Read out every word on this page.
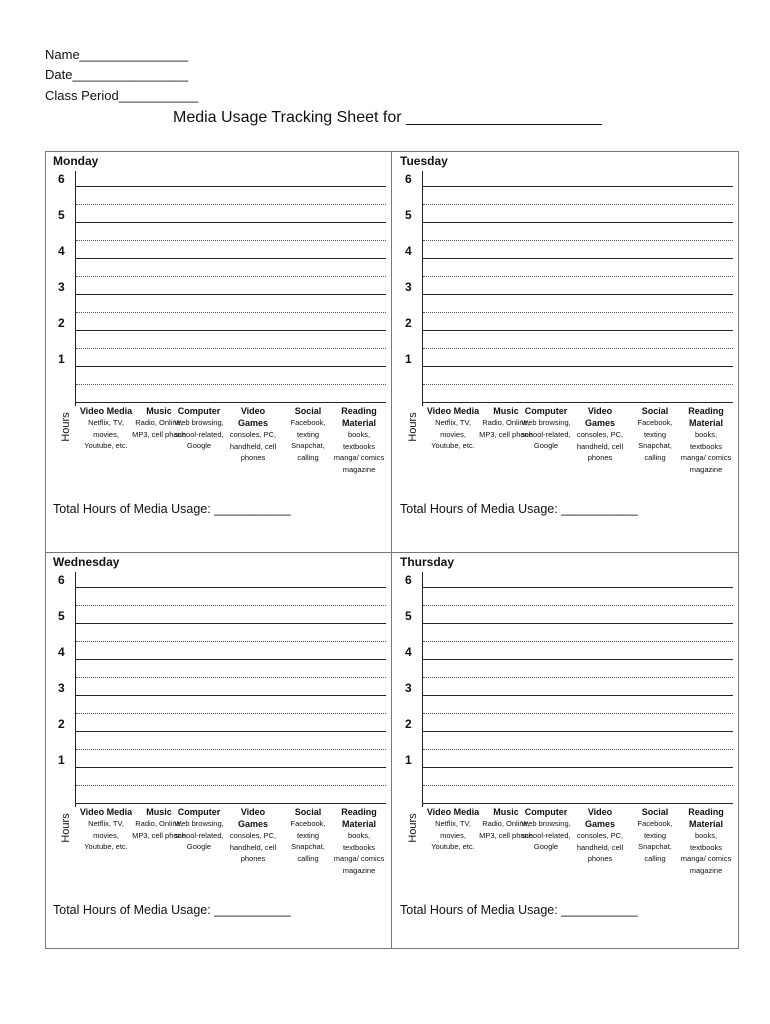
Name_______________
Date________________
Class Period___________
Media Usage Tracking Sheet for ______________________
Monday
6
5
4
3
2
1
Hours
Video Media
Netflix, TV, movies, Youtube, etc.
Music
Radio, Online, MP3, cell phone
Computer
Web browsing, school-related, Google
Video Games
consoles, PC, handheld, cell phones
Social
Facebook, texting Snapchat, calling
Reading Material
books, textbooks manga/ comics magazine
Total Hours of Media Usage: ___________
Tuesday
6
5
4
3
2
1
Hours
Video Media
Netflix, TV, movies, Youtube, etc.
Music
Radio, Online, MP3, cell phone
Computer
Web browsing, school-related, Google
Video Games
consoles, PC, handheld, cell phones
Social
Facebook, texting Snapchat, calling
Reading Material
books, textbooks manga/ comics magazine
Total Hours of Media Usage: ___________
Wednesday
6
5
4
3
2
1
Hours
Video Media
Netflix, TV, movies, Youtube, etc.
Music
Radio, Online, MP3, cell phone
Computer
Web browsing, school-related, Google
Video Games
consoles, PC, handheld, cell phones
Social
Facebook, texting Snapchat, calling
Reading Material
books, textbooks manga/ comics magazine
Total Hours of Media Usage: ___________
Thursday
6
5
4
3
2
1
Hours
Video Media
Netflix, TV, movies, Youtube, etc.
Music
Radio, Online, MP3, cell phone
Computer
Web browsing, school-related, Google
Video Games
consoles, PC, handheld, cell phones
Social
Facebook, texting Snapchat, calling
Reading Material
books, textbooks manga/ comics magazine
Total Hours of Media Usage: ___________
